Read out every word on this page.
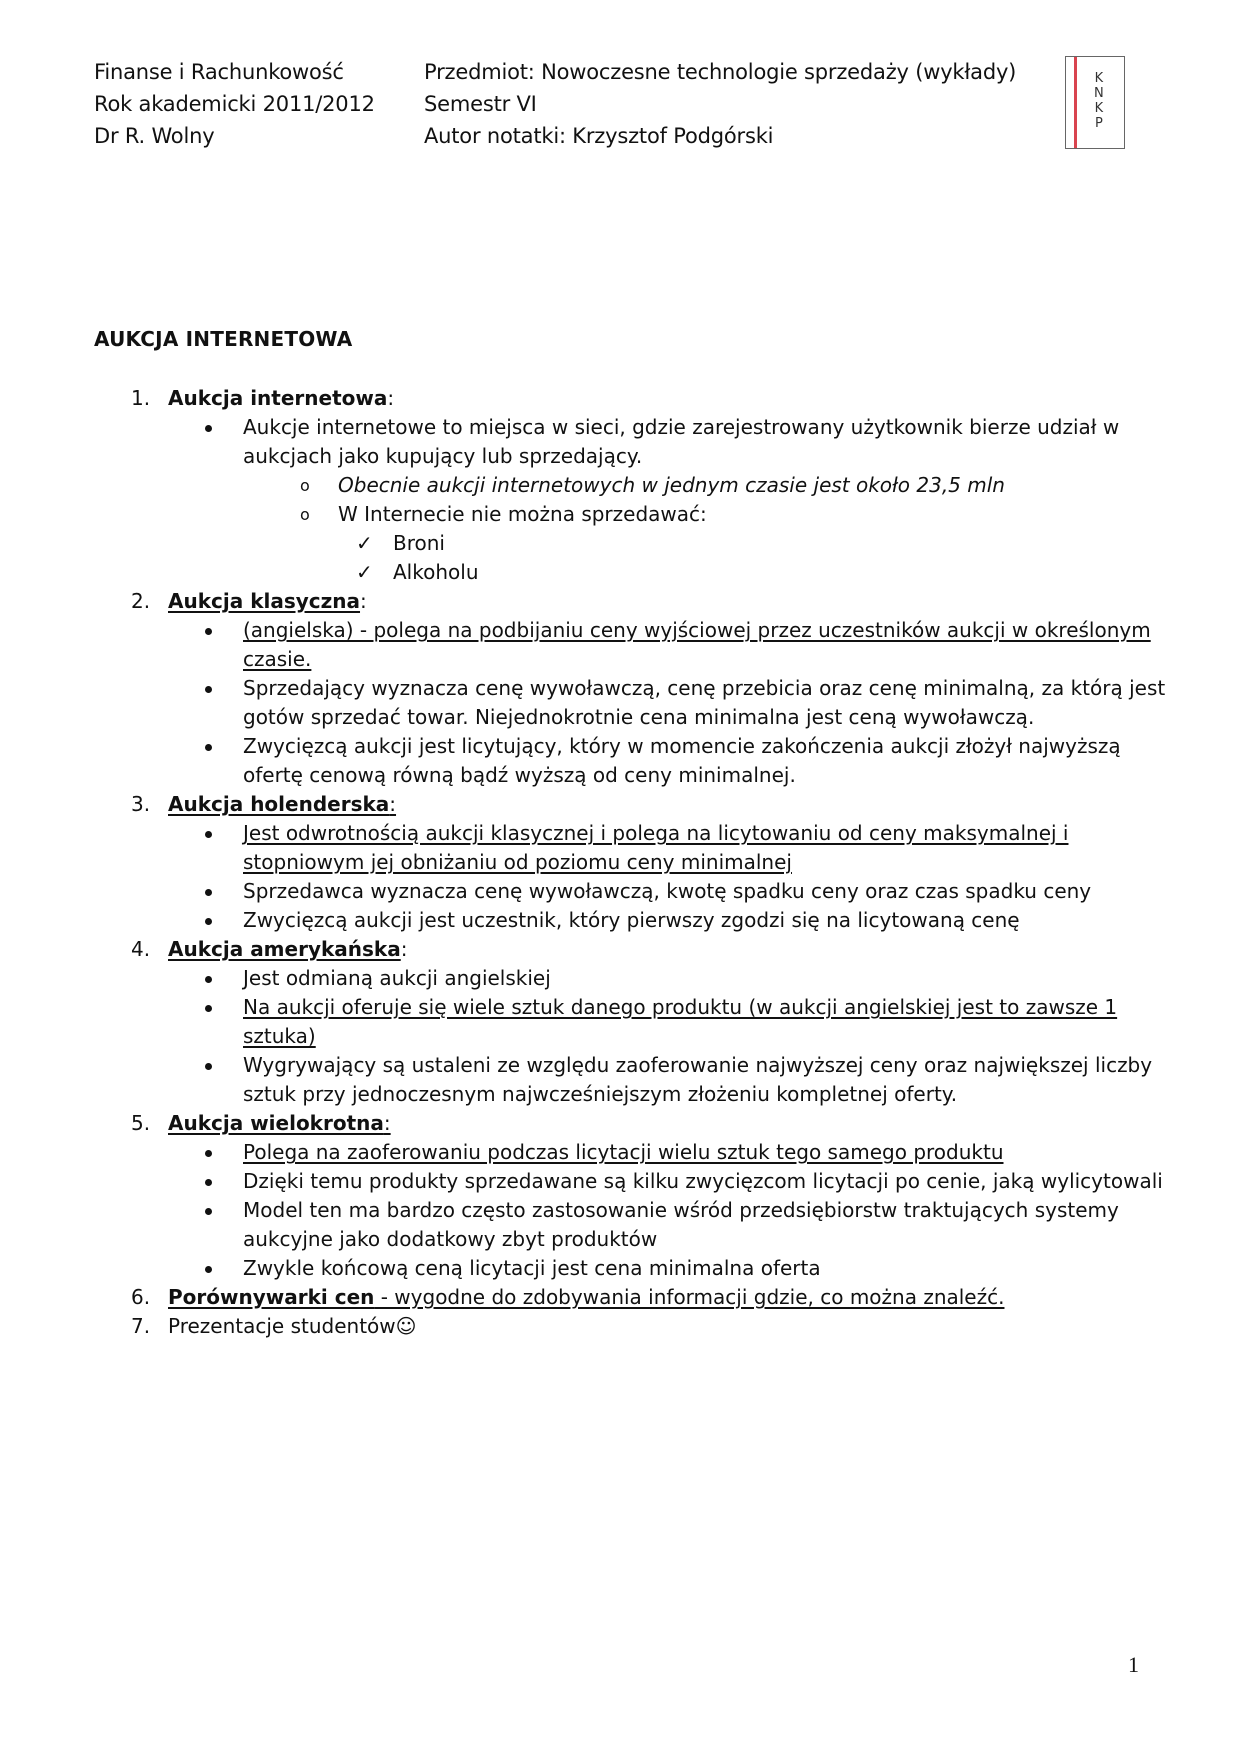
Finanse i Rachunkowość
Rok akademicki 2011/2012
Dr R. Wolny
Przedmiot: Nowoczesne technologie sprzedaży (wykłady)
Semestr VI
Autor notatki: Krzysztof Podgórski
K
N
K
P
AUKCJA INTERNETOWA
1. Aukcja internetowa:
Aukcje internetowe to miejsca w sieci, gdzie zarejestrowany użytkownik bierze udział w
aukcjach jako kupujący lub sprzedający.
o Obecnie aukcji internetowych w jednym czasie jest około 23,5 mln
o W Internecie nie można sprzedawać:
✓ Broni
✓ Alkoholu
2. Aukcja klasyczna:
(angielska) - polega na podbijaniu ceny wyjściowej przez uczestników aukcji w określonym
czasie.
Sprzedający wyznacza cenę wywoławczą, cenę przebicia oraz cenę minimalną, za którą jest
gotów sprzedać towar. Niejednokrotnie cena minimalna jest ceną wywoławczą.
Zwycięzcą aukcji jest licytujący, który w momencie zakończenia aukcji złożył najwyższą
ofertę cenową równą bądź wyższą od ceny minimalnej.
3. Aukcja holenderska:
Jest odwrotnością aukcji klasycznej i polega na licytowaniu od ceny maksymalnej i
stopniowym jej obniżaniu od poziomu ceny minimalnej
Sprzedawca wyznacza cenę wywoławczą, kwotę spadku ceny oraz czas spadku ceny
Zwycięzcą aukcji jest uczestnik, który pierwszy zgodzi się na licytowaną cenę
4. Aukcja amerykańska:
Jest odmianą aukcji angielskiej
Na aukcji oferuje się wiele sztuk danego produktu (w aukcji angielskiej jest to zawsze 1
sztuka)
Wygrywający są ustaleni ze względu zaoferowanie najwyższej ceny oraz największej liczby
sztuk przy jednoczesnym najwcześniejszym złożeniu kompletnej oferty.
5. Aukcja wielokrotna:
Polega na zaoferowaniu podczas licytacji wielu sztuk tego samego produktu
Dzięki temu produkty sprzedawane są kilku zwycięzcom licytacji po cenie, jaką wylicytowali
Model ten ma bardzo często zastosowanie wśród przedsiębiorstw traktujących systemy
aukcyjne jako dodatkowy zbyt produktów
Zwykle końcową ceną licytacji jest cena minimalna oferta
6. Porównywarki cen - wygodne do zdobywania informacji gdzie, co można znaleźć.
7. Prezentacje studentów☺
1
